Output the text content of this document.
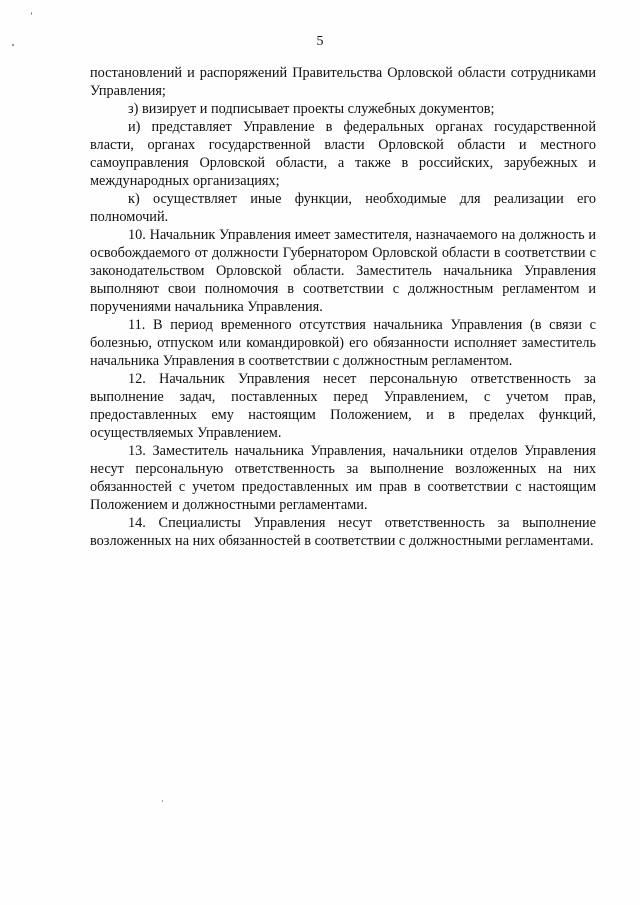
5

постановлений и распоряжений Правительства Орловской области сотрудниками Управления;

з) визирует и подписывает проекты служебных документов;

и) представляет Управление в федеральных органах государственной власти, органах государственной власти Орловской области и местного самоуправления Орловской области, а также в российских, зарубежных и международных организациях;

к) осуществляет иные функции, необходимые для реализации его полномочий.

10. Начальник Управления имеет заместителя, назначаемого на должность и освобождаемого от должности Губернатором Орловской области в соответствии с законодательством Орловской области. Заместитель начальника Управления выполняют свои полномочия в соответствии с должностным регламентом и поручениями начальника Управления.

11. В период временного отсутствия начальника Управления (в связи с болезнью, отпуском или командировкой) его обязанности исполняет заместитель начальника Управления в соответствии с должностным регламентом.

12. Начальник Управления несет персональную ответственность за выполнение задач, поставленных перед Управлением, с учетом прав, предоставленных ему настоящим Положением, и в пределах функций, осуществляемых Управлением.

13. Заместитель начальника Управления, начальники отделов Управления несут персональную ответственность за выполнение возложенных на них обязанностей с учетом предоставленных им прав в соответствии с настоящим Положением и должностными регламентами.

14. Специалисты Управления несут ответственность за выполнение возложенных на них обязанностей в соответствии с должностными регламентами.
